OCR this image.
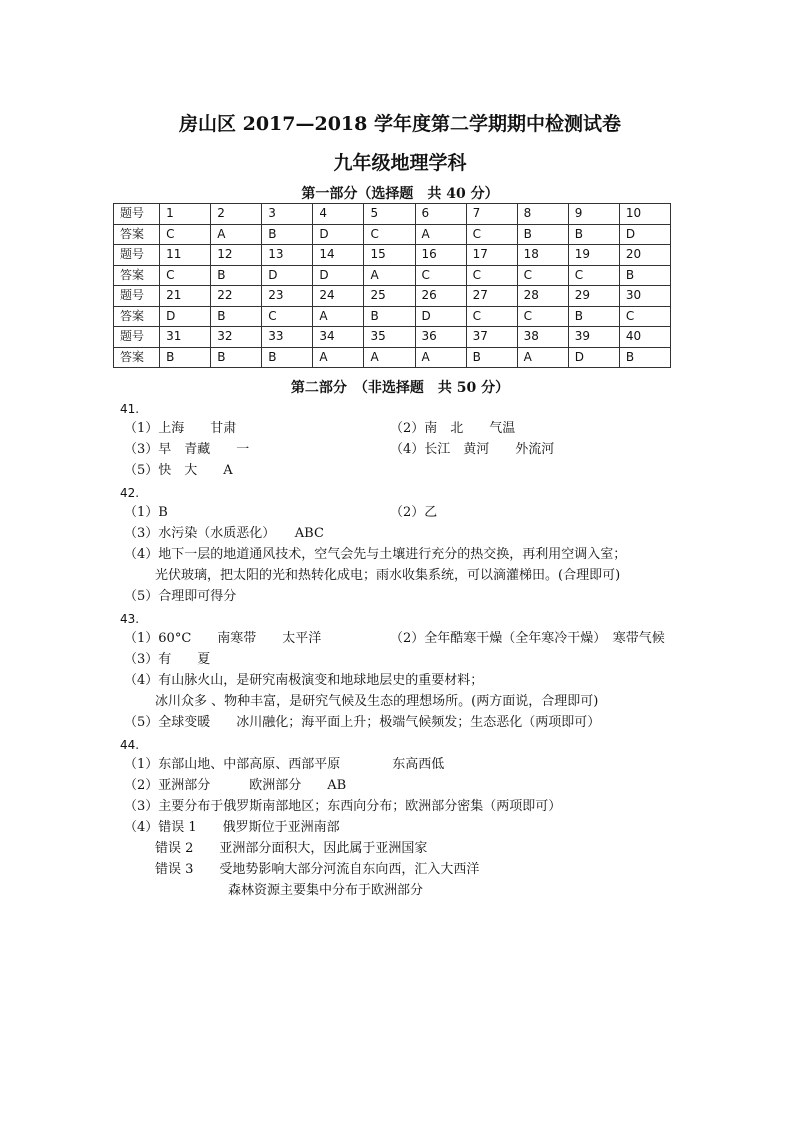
房山区 2017—2018 学年度第二学期期中检测试卷
九年级地理学科
第一部分（选择题　共 40 分）
题号	1	2	3	4	5	6	7	8	9	10
答案	C	A	B	D	C	A	C	B	B	D
题号	11	12	13	14	15	16	17	18	19	20
答案	C	B	D	D	A	C	C	C	C	B
题号	21	22	23	24	25	26	27	28	29	30
答案	D	B	C	A	B	D	C	C	B	C
题号	31	32	33	34	35	36	37	38	39	40
答案	B	B	B	A	A	A	B	A	D	B
第二部分　（非选择题　共 50 分）
41.
（1）上海　　甘肃	（2）南　北　　气温
（3）早　青藏　　一	（4）长江　黄河　　外流河
（5）快　大　　A
42.
（1）B	（2）乙
（3）水污染（水质恶化）　　ABC
（4）地下一层的地道通风技术，空气会先与土壤进行充分的热交换，再利用空调入室；
光伏玻璃，把太阳的光和热转化成电；雨水收集系统，可以滴灌梯田。(合理即可)
（5）合理即可得分
43.
（1）60°C　　南寒带　　太平洋	（2）全年酷寒干燥（全年寒冷干燥）　寒带气候
（3）有　　夏
（4）有山脉火山，是研究南极演变和地球地层史的重要材料；
冰川众多 、物种丰富，是研究气候及生态的理想场所。(两方面说，合理即可)
（5）全球变暖　　冰川融化；海平面上升；极端气候频发；生态恶化（两项即可）
44.
（1）东部山地、中部高原、西部平原　　　　东高西低
（2）亚洲部分　　　欧洲部分　　AB
（3）主要分布于俄罗斯南部地区；东西向分布；欧洲部分密集（两项即可）
（4）错误 1　　俄罗斯位于亚洲南部
错误 2　　亚洲部分面积大，因此属于亚洲国家
错误 3　　受地势影响大部分河流自东向西，汇入大西洋
森林资源主要集中分布于欧洲部分
